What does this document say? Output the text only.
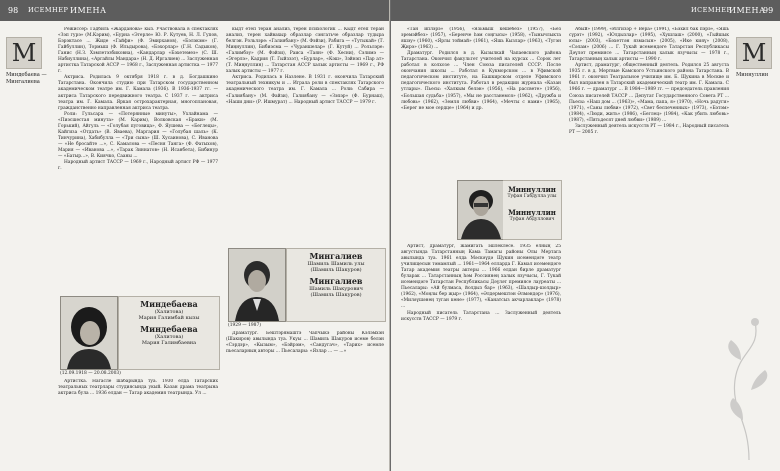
98 ИСЕМНЕР ИМЕНА
М
Миндебаева —
Мингалиева

Режиссер: Гадбиль «Жарданова» кыз. Участвовала в спектаклях «Зэп гурэ» (М.Кэрим), «Бурна «Эгерле» Ю. Р. Кутуев, Н. Л. Гупов, Бэрэктасе ... Жиде «Гайфи» (Ф. Эмирханов), «Бэлэкэм» (Г. Гайбуллин), Тормыш (Ф. Ильдырова), «Бэхорлар» (Г.Н. Садыков), Ганис (Н.З. Хэмлетэзбиковна), «Кандарлар «Бэхетемеэ» (С. Ш. Набиуллина), «Аргайлы Мандара» (Н. Д. Иргалиев) ... Заслуженная артистка Татарской АССР — 1968 г., Заслуженная артистка — 1977 г.

Актриса. Родилась 9 октября 1918 г. в д. Богдашкино Татарстана. Окончила студию при Татарском государственном академическом театре им. Г. Камала (1936). В 1936-1937 гг. — актриса Татарского передвижного театра. С 1937 г. — актриса театра им. Г. Камала. Яркая острохарактерная, многоплановая, гражданственно направленная актриса театра.

Роли: Гульсара — «Потерянные минуты», Ухлайнама — «Пиэсшестая минута» (М. Карим), Волковская «Браки» (М. Горький), Айгуль — «Голубая пуговица», Ф. Яушева — «Беглецы», Кайгиза «Отдать» (В. Яваева), Маргария — «Голубая шаль» (К. Тинчурина), Хабибулла — «Три сына» (Ш. Хусаинова), С. Иванова — «Не бросайте ...», С. Камалова — «Песня Танга» (Ф. Фатыхов), Мария — «Иванова ...», «Тарак Зиннатов» (Н. Исанбета), Бибинур — «Батыр...», В. Киячко, Сааны ...

Народный артист ТАССР — 1969 г., Народный артист РФ — 1977 г.

Миндебаева
(Халитова)
Мария Галимбай кызы
Миндебаева
(Халитова)
Мария Галимбаевна
(12.09.1918 — 20.08.2003)

Артистка. Нагасле шабарында туа. 1930 елда Татарских театральных театрлары студиясында укый. Казан драма театрына актриса була ... 1936 елдан — Татар академия театрында. Ул ...

кыдт етеп теран анализ, терен психологик ... Кыдт етеп теран анализ, терен хайвахыр образлар сэнгатьче образлар тудыра белгэн. Рольлэре: «Галиябану» (М. Фэйзи), Рабига — «Тутыкай» (Т. Миңнуллин), Бибиэсма — «Чураншелар» (Г. Кутуй) ... Рольлэре: «Галимбэу» (М. Фэйзи), Раиса «Таян» (Ф. Хөсни), Сэлимэ — «Эгерлэ», Кадрия (Т. Гыйззэт), «Бурлар», «Кэш», Зэйнэп «Пар ат» (Т. Миңнуллин) ... Татарстан АССР халык артисты — 1969 г., РФ халык артисты — 1977 г.

Актриса. Родилась в Назлене. В 1931 г. окончила Татарский театральный техникум и ... Играла роли в спектаклях Татарского академического театра им. Г. Камала ... Роли: Сабира — «Галиябану» (М. Файзи), Галиябану — «Зэпэр» (Ф. Бурнаш), «Наши дни» (Р. Ишмурат) ... Народный артист ТАССР — 1979 г.

Мингалиев
Шамиль Шамиль улы
(Шамиль Шакуров)
Мингалиев
Шамиль Шакурович
(Шамиль Шакуров)
(1929 — 1987)

Драматург. Бештэрямаштэ Чапчыкэ районы Кэлэмхэн (Шакиров) авылында туа. Укуы ... Шамиль Шакуров исеме белэн «Сэрдэр», «Кызым», «Бэйрэм», «Сандугач», «Тарих» исемле пьесаларның авторы ... Пьесалары: «Язлар ... — ...»

ИСЕМНЕР
ИМЕНА
99
М
Миннуллин

«Тан иплэрэ» (1956), «Язьмыш кешебез» (1957), «Без эремэйбез» (1957), «Беренче һэм соңгысы» (1958), «Тынычлыкта яшэу» (1960), «Ярлы тоймай» (1961), «Яшь Кызлар» (1963), «Тугэн Җирэ» (1963) ...

Драматург. Родился в д. Кызылкай Чапаевского района Татарстана. Окончил факультет учителей на курсах ... Сорок лет работал в колхозе ... Член Союза писателей СССР. После окончания школы ... Работал в Кукморском ... в Уфимской педагогическом институте, на Башкирском отделе Уфимского педагогического института. Работал в редакции журнала «Казан утлары». Пьесы: «Халкым белэн» (1956), «На рассвете» (1956), «Большая судьба» (1957), «Мы не расстанемся» (1962), «Дружба и любовь» (1962), «Земля любви» (1964), «Мечты с нами» (1965), «Берег не мое сердце» (1964) и др.

Миннуллин
Туфан Габдулла улы
Миннуллин
Туфан Абдуллович

Артист, драматург, жамигать эшлеклесе. 1935 елның 25 августында Татарстанның Кама Тамагы районы Олы Мертага авылында туа. 1961 елда Мәскәүдә Щукин исемендәге театр училищесын тәмамлый ... 1961—1964 елларда Г. Камал исемендәге Татар академия театры актеры ... 1966 елдан бирле драматург буларак ... Татарстанның һәм Россиянең халык язучысы, Г. Тукай исемендәге Татарстан Республикасы Дәүләт премиясе лауреаты ... Пьесалары: «Ай булмаса, йолдыз бар» (1963), «Шалдыр-шолдыр» (1962), «Моңлы бер җыр» (1964), «Әлдермештән Әлмәндәр» (1976), «Миләүшәнең туган көне» (1977), «Канатсыз акчарлаклар» (1978) ...

Народный писатель Татарстана ... Заслуженный деятель искусств ТАССР — 1979 г.

Абый» (1999), «Илгизэр + Вера» (1991), «Бэхил бак пэрэ», «Яшь сүрэт» (1992), «Юлдызлар» (1995), «Хушлаш» (2000), «Гыйшык юлы» (2003), «Бәхеттән язмасын» (2005), «Ике кияү» (2008), «Сәлам» (2006) ... Г. Тукай исемендәге Татарстан Республикасы Дәүләт премиясе ... Татарстанның халык язучысы — 1978 г., Татарстанның халык артисты — 1990 г.

Артист, драматург, общественный деятель. Родился 25 августа 1935 г. в д. Мертвые Камского Устьинского района Татарстана. В 1961 г. окончил Театральное училище им. Б. Щукина в Москве и был направлен в Татарский академический театр им. Г. Камала. С 1966 г. — драматург ... В 1984—1989 гг. — председатель правления Союза писателей ТАССР ... Депутат Государственного Совета РТ ... Пьесы: «Наш дом ... (1963)», «Мама, папа, я» (1970), «Ночь радуги» (1971), «Саны любви» (1972), «Свет беспеченных» (1973), «Бэтэм» (1984), «Люди, жить» (1986), «Беглец» (1984), «Как убить любовь» (1987), «Пятьдесят дней любви» (1989) ...

Заслуженный деятель искусств РТ — 1984 г., Народный писатель РТ — 2005 г.
